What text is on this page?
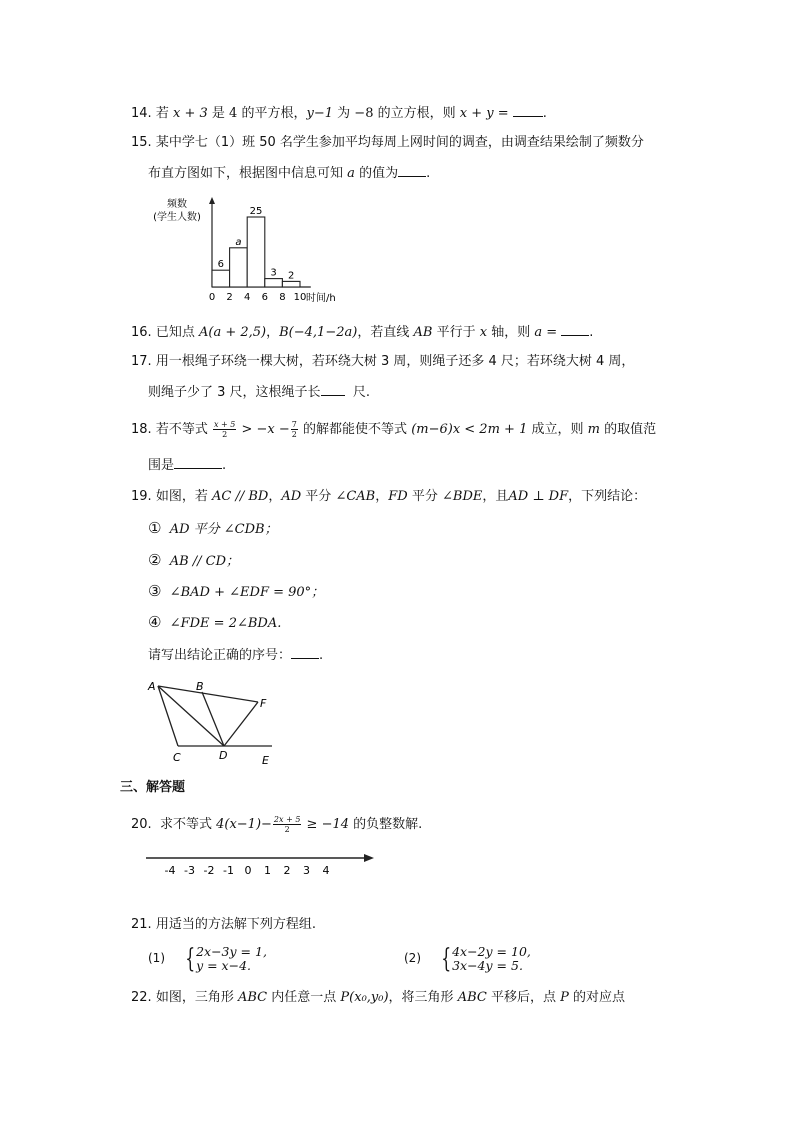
14. 若 x + 3 是 4 的平方根，y−1 为 −8 的立方根，则 x + y =	.
15. 某中学七（1）班 50 名学生参加平均每周上网时间的调查，由调查结果绘制了频数分
布直方图如下，根据图中信息可知 a 的值为 .
频数
(学生人数)
6
a
25
3 2
0 2 4 6 8 10 时间/h
16. 已知点 A(a + 2,5)，B(−4,1−2a)，若直线 AB 平行于 x 轴，则 a = .
17. 用一根绳子环绕一棵大树，若环绕大树 3 周，则绳子还多 4 尺；若环绕大树 4 周，
则绳子少了 3 尺，这根绳子长 尺.
18. 若不等式 $\frac{x + 5}{2} > -x - \frac{7}{2}$ 的解都能使不等式 (m−6)x < 2m + 1 成立，则 m 的取值范
围是	.
19. 如图，若 AC // BD，AD 平分 ∠CAB，FD 平分 ∠BDE，且AD ⊥ DF，下列结论：
① AD 平分 ∠CDB；
② AB // CD；
③ ∠BAD + ∠EDF = 90°；
④ ∠FDE = 2∠BDA.
请写出结论正确的序号： .
A	B
F
C	D	E
三、解答题
20. 求不等式 $4(x-1)- \frac{2x + 5}{2} \ge -14$ 的负整数解.
-4 -3 -2 -1 0 1 2 3 4
21. 用适当的方法解下列方程组.
(1) {2x−3y = 1,
y = x−4.	(2) {4x−2y = 10,
3x−4y = 5.
22. 如图，三角形 ABC 内任意一点 P(x₀,y₀)，将三角形 ABC 平移后，点 P 的对应点
